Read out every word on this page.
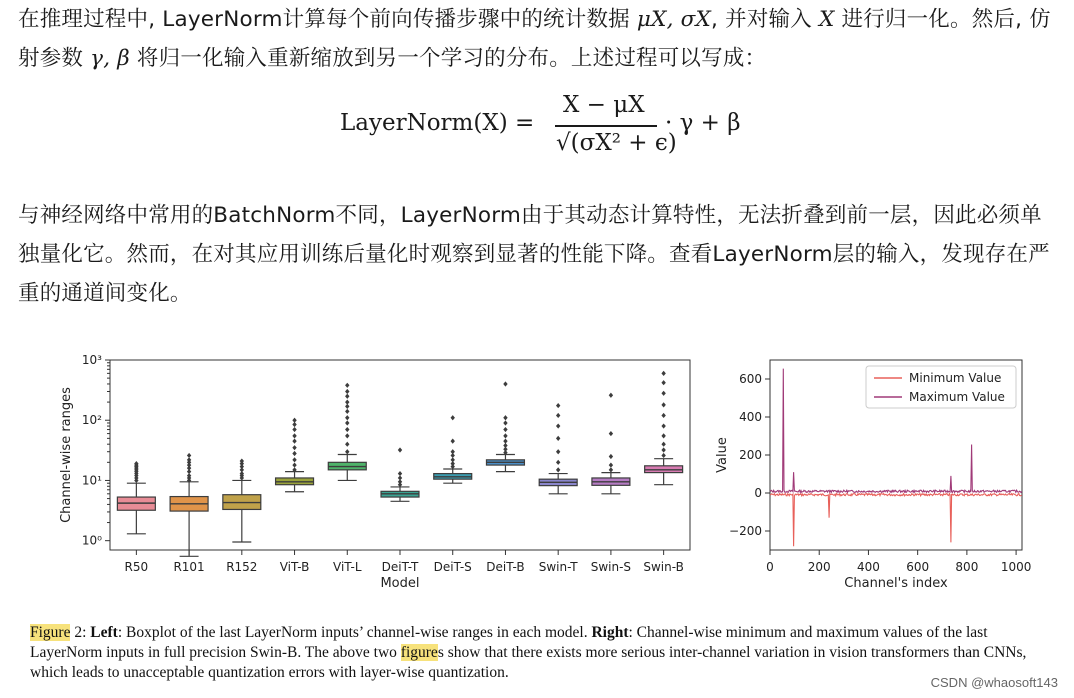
在推理过程中, LayerNorm计算每个前向传播步骤中的统计数据 μX, σX, 并对输入 X 进行归一化。然后, 仿射参数 γ, β 将归一化输入重新缩放到另一个学习的分布。上述过程可以写成：
LayerNorm(X) =
X − μX
√(σX² + ϵ)
· γ + β
与神经网络中常用的BatchNorm不同，LayerNorm由于其动态计算特性，无法折叠到前一层，因此必须单独量化它。然而，在对其应用训练后量化时观察到显著的性能下降。查看LayerNorm层的输入，发现存在严重的通道间变化。
10⁰
10¹
10²
10³
Channel-wise ranges
R50 R101 R152 ViT-B ViT-L DeiT-T DeiT-S DeiT-B Swin-T Swin-S Swin-B
Model
−200
0
200
400
600
0	200 400 600 800 1000
Channel's index
Value
Minimum Value
Maximum Value
Figure 2: Left: Boxplot of the last LayerNorm inputs’ channel-wise ranges in each model. Right: Channel-wise minimum and maximum values of the last LayerNorm inputs in full precision Swin-B. The above two figures show that there exists more serious inter-channel variation in vision transformers than CNNs, which leads to unacceptable quantization errors with layer-wise quantization.
CSDN @whaosoft143
